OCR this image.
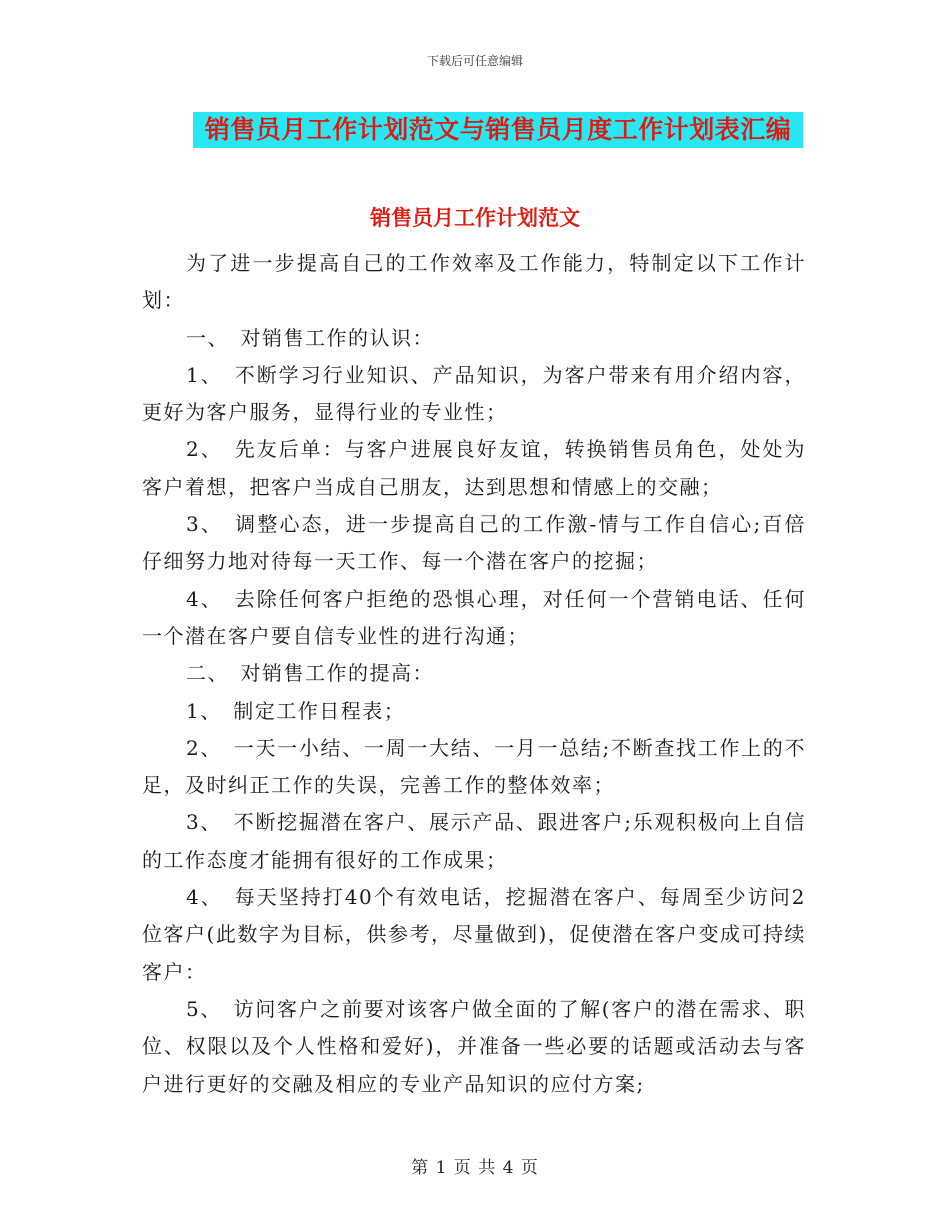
下载后可任意编辑
销售员月工作计划范文与销售员月度工作计划表汇编
销售员月工作计划范文

为了进一步提高自己的工作效率及工作能力，特制定以下工作计划：

一、　对销售工作的认识：

1、　不断学习行业知识、产品知识，为客户带来有用介绍内容，更好为客户服务，显得行业的专业性；

2、　先友后单：与客户进展良好友谊，转换销售员角色，处处为客户着想，把客户当成自己朋友，达到思想和情感上的交融；

3、　调整心态，进一步提高自己的工作激-情与工作自信心;百倍仔细努力地对待每一天工作、每一个潜在客户的挖掘；

4、　去除任何客户拒绝的恐惧心理，对任何一个营销电话、任何一个潜在客户要自信专业性的进行沟通；

二、　对销售工作的提高：

1、　制定工作日程表；

2、　一天一小结、一周一大结、一月一总结;不断查找工作上的不足，及时纠正工作的失误，完善工作的整体效率；

3、　不断挖掘潜在客户、展示产品、跟进客户;乐观积极向上自信的工作态度才能拥有很好的工作成果；

4、　每天坚持打40个有效电话，挖掘潜在客户、每周至少访问2位客户(此数字为目标，供参考，尽量做到)，促使潜在客户变成可持续客户：

5、　访问客户之前要对该客户做全面的了解(客户的潜在需求、职位、权限以及个人性格和爱好)，并准备一些必要的话题或活动去与客户进行更好的交融及相应的专业产品知识的应付方案;

第 1 页 共 4 页
